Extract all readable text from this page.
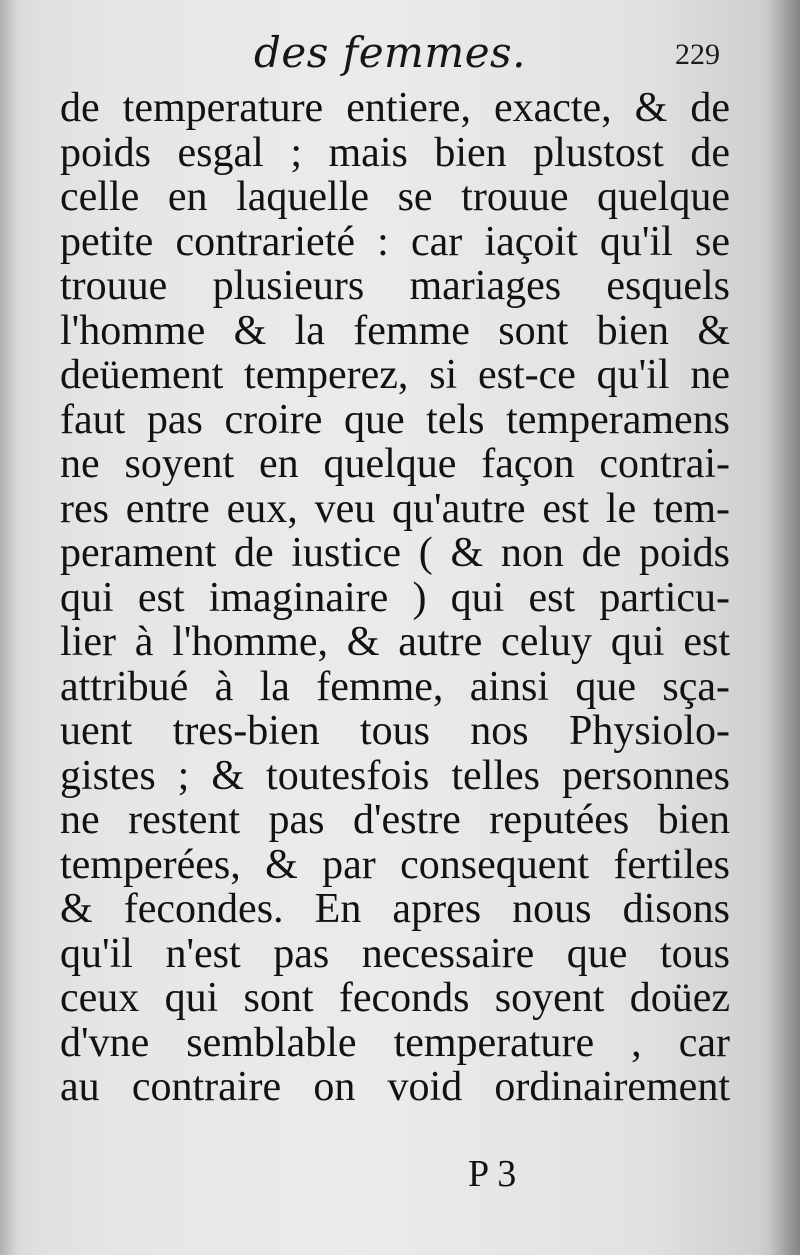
des femmes.	229
de temperature entiere, exacte, & de
poids esgal ; mais bien plustost de
celle en laquelle se trouue quelque
petite contrarieté : car iaçoit qu'il se
trouue plusieurs mariages esquels
l'homme & la femme sont bien &
deüement temperez, si est-ce qu'il ne
faut pas croire que tels temperamens
ne soyent en quelque façon contrai-
res entre eux, veu qu'autre est le tem-
perament de iustice ( & non de poids
qui est imaginaire ) qui est particu-
lier à l'homme, & autre celuy qui est
attribué à la femme, ainsi que sça-
uent tres-bien tous nos Physiolo-
gistes ; & toutesfois telles personnes
ne restent pas d'estre reputées bien
temperées, & par consequent fertiles
& fecondes. En apres nous disons
qu'il n'est pas necessaire que tous
ceux qui sont feconds soyent doüez
d'vne semblable temperature , car
au contraire on void ordinairement
P 3
